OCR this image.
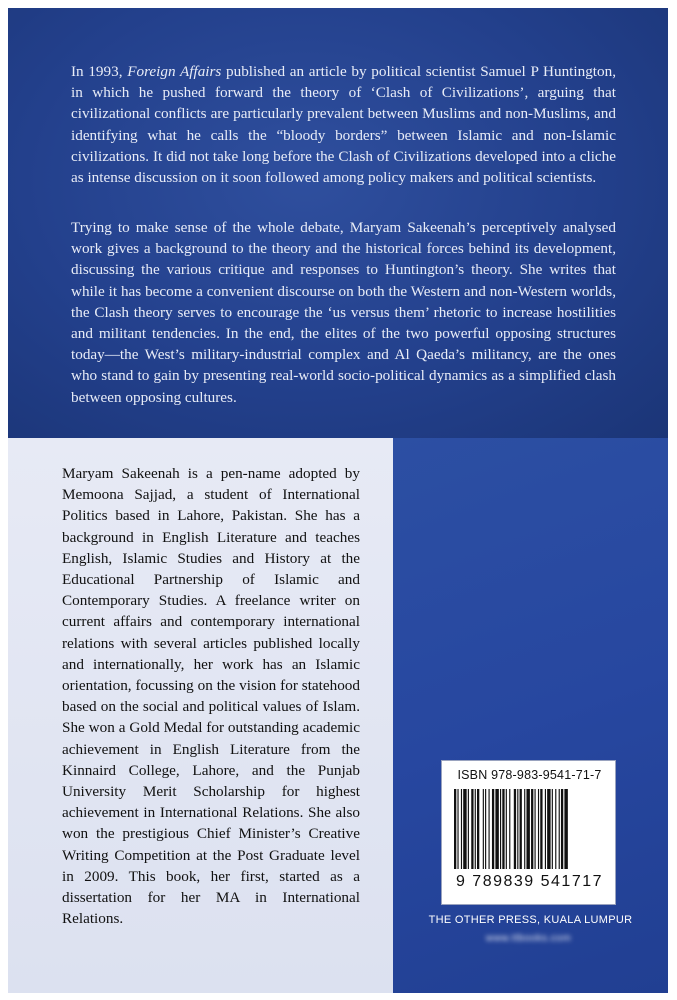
In 1993, Foreign Affairs published an article by political scientist Samuel P Huntington, in which he pushed forward the theory of ‘Clash of Civilizations’, arguing that civilizational conflicts are particularly prevalent between Muslims and non-Muslims, and identifying what he calls the “bloody borders” between Islamic and non-Islamic civilizations. It did not take long before the Clash of Civilizations developed into a cliche as intense discussion on it soon followed among policy makers and political scientists.

Trying to make sense of the whole debate, Maryam Sakeenah’s perceptively analysed work gives a background to the theory and the historical forces behind its development, discussing the various critique and responses to Huntington’s theory. She writes that while it has become a convenient discourse on both the Western and non-Western worlds, the Clash theory serves to encourage the ‘us versus them’ rhetoric to increase hostilities and militant tendencies. In the end, the elites of the two powerful opposing structures today—the West’s military-industrial complex and Al Qaeda’s militancy, are the ones who stand to gain by presenting real-world socio-political dynamics as a simplified clash between opposing cultures.

Maryam Sakeenah is a pen-name adopted by Memoona Sajjad, a student of International Politics based in Lahore, Pakistan. She has a background in English Literature and teaches English, Islamic Studies and History at the Educational Partnership of Islamic and Contemporary Studies. A freelance writer on current affairs and contemporary international relations with several articles published locally and internationally, her work has an Islamic orientation, focussing on the vision for statehood based on the social and political values of Islam. She won a Gold Medal for outstanding academic achievement in English Literature from the Kinnaird College, Lahore, and the Punjab University Merit Scholarship for highest achievement in International Relations. She also won the prestigious Chief Minister’s Creative Writing Competition at the Post Graduate level in 2009. This book, her first, started as a dissertation for her MA in International Relations.

ISBN 978-983-9541-71-7
9 789839 541717
THE OTHER PRESS, KUALA LUMPUR
www.ttbooks.com
